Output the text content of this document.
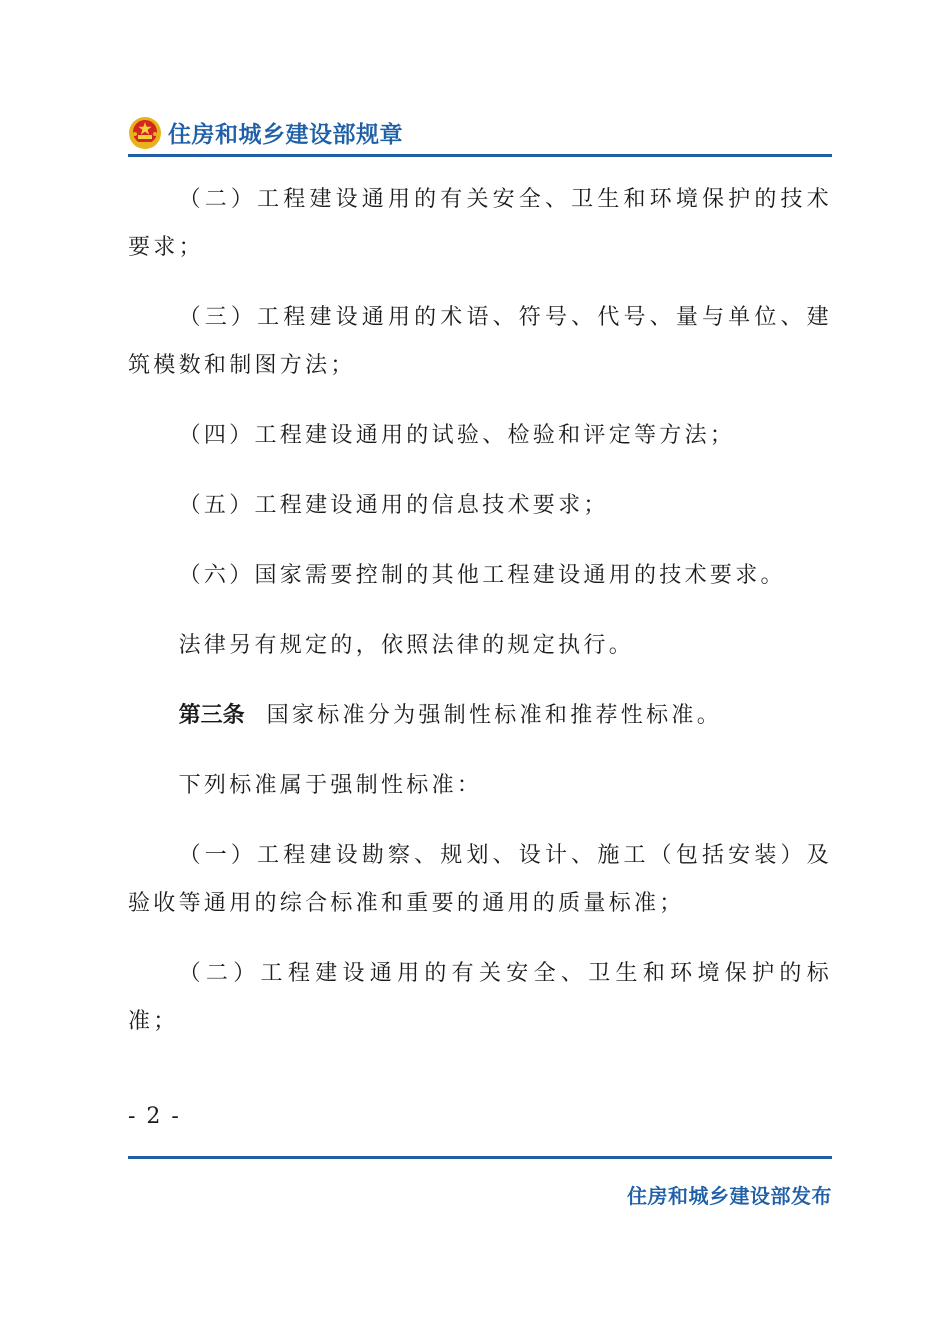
住房和城乡建设部规章

（二）工程建设通用的有关安全、卫生和环境保护的技术要求；

（三）工程建设通用的术语、符号、代号、量与单位、建筑模数和制图方法；

（四）工程建设通用的试验、检验和评定等方法；

（五）工程建设通用的信息技术要求；

（六）国家需要控制的其他工程建设通用的技术要求。

法律另有规定的，依照法律的规定执行。

第三条 国家标准分为强制性标准和推荐性标准。

下列标准属于强制性标准：

（一）工程建设勘察、规划、设计、施工（包括安装）及验收等通用的综合标准和重要的通用的质量标准；

（二）工程建设通用的有关安全、卫生和环境保护的标准；

- 2 -
住房和城乡建设部发布
